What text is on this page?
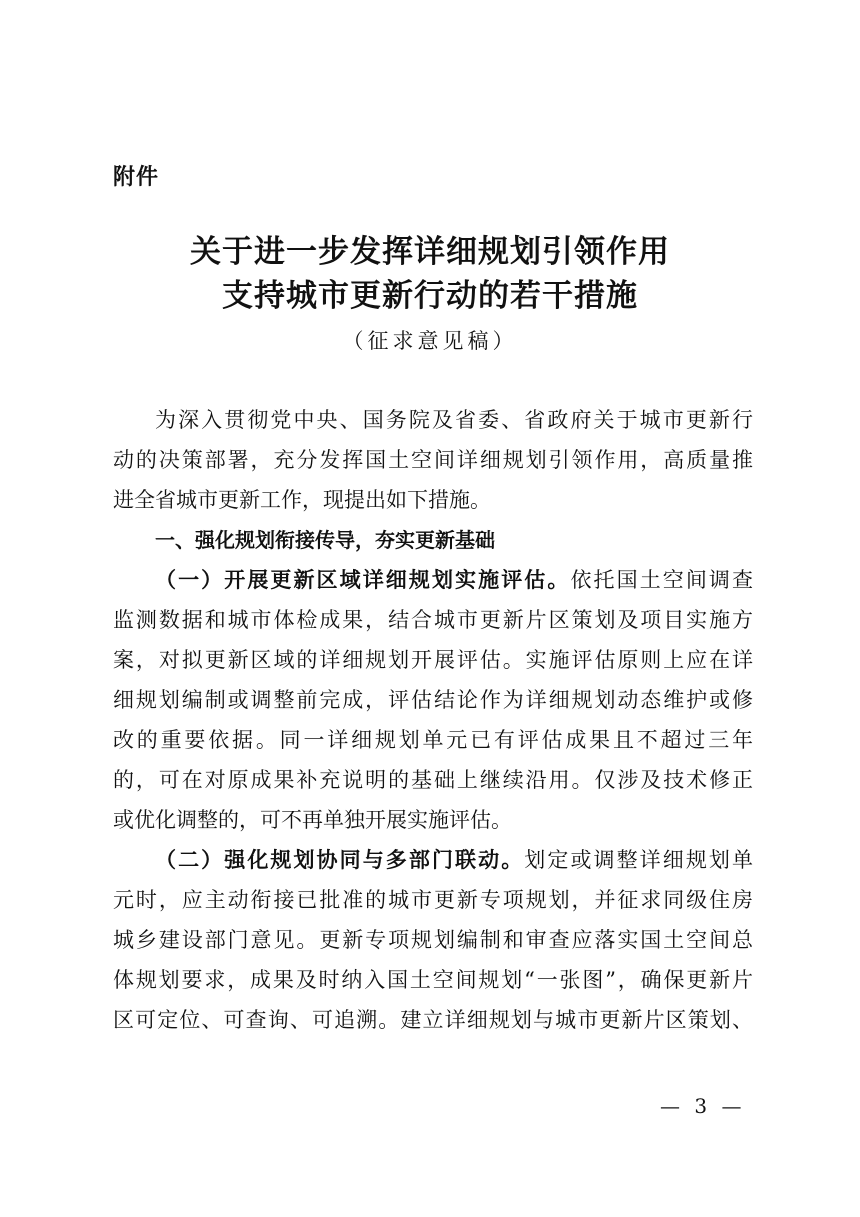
附件
关于进一步发挥详细规划引领作用
支持城市更新行动的若干措施
（征求意见稿）
为深入贯彻党中央、国务院及省委、省政府关于城市更新行
动的决策部署，充分发挥国土空间详细规划引领作用，高质量推
进全省城市更新工作，现提出如下措施。
一、强化规划衔接传导，夯实更新基础
（一）开展更新区域详细规划实施评估。依托国土空间调查
监测数据和城市体检成果，结合城市更新片区策划及项目实施方
案，对拟更新区域的详细规划开展评估。实施评估原则上应在详
细规划编制或调整前完成，评估结论作为详细规划动态维护或修
改的重要依据。同一详细规划单元已有评估成果且不超过三年
的，可在对原成果补充说明的基础上继续沿用。仅涉及技术修正
或优化调整的，可不再单独开展实施评估。
（二）强化规划协同与多部门联动。划定或调整详细规划单
元时，应主动衔接已批准的城市更新专项规划，并征求同级住房
城乡建设部门意见。更新专项规划编制和审查应落实国土空间总
体规划要求，成果及时纳入国土空间规划“一张图”，确保更新片
区可定位、可查询、可追溯。建立详细规划与城市更新片区策划、
— 3 —
